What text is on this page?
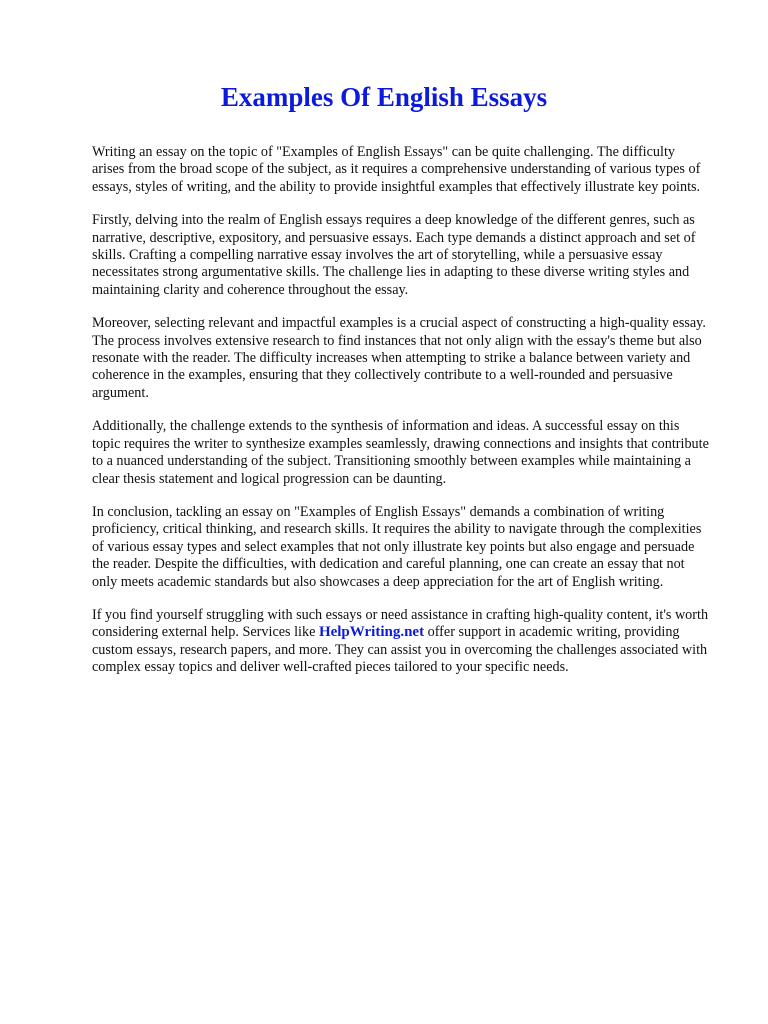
Examples Of English Essays

Writing an essay on the topic of "Examples of English Essays" can be quite challenging. The difficulty arises from the broad scope of the subject, as it requires a comprehensive understanding of various types of essays, styles of writing, and the ability to provide insightful examples that effectively illustrate key points.

Firstly, delving into the realm of English essays requires a deep knowledge of the different genres, such as narrative, descriptive, expository, and persuasive essays. Each type demands a distinct approach and set of skills. Crafting a compelling narrative essay involves the art of storytelling, while a persuasive essay necessitates strong argumentative skills. The challenge lies in adapting to these diverse writing styles and maintaining clarity and coherence throughout the essay.

Moreover, selecting relevant and impactful examples is a crucial aspect of constructing a high-quality essay. The process involves extensive research to find instances that not only align with the essay's theme but also resonate with the reader. The difficulty increases when attempting to strike a balance between variety and coherence in the examples, ensuring that they collectively contribute to a well-rounded and persuasive argument.

Additionally, the challenge extends to the synthesis of information and ideas. A successful essay on this topic requires the writer to synthesize examples seamlessly, drawing connections and insights that contribute to a nuanced understanding of the subject. Transitioning smoothly between examples while maintaining a clear thesis statement and logical progression can be daunting.

In conclusion, tackling an essay on "Examples of English Essays" demands a combination of writing proficiency, critical thinking, and research skills. It requires the ability to navigate through the complexities of various essay types and select examples that not only illustrate key points but also engage and persuade the reader. Despite the difficulties, with dedication and careful planning, one can create an essay that not only meets academic standards but also showcases a deep appreciation for the art of English writing.

If you find yourself struggling with such essays or need assistance in crafting high-quality content, it's worth considering external help. Services like HelpWriting.net offer support in academic writing, providing custom essays, research papers, and more. They can assist you in overcoming the challenges associated with complex essay topics and deliver well-crafted pieces tailored to your specific needs.
